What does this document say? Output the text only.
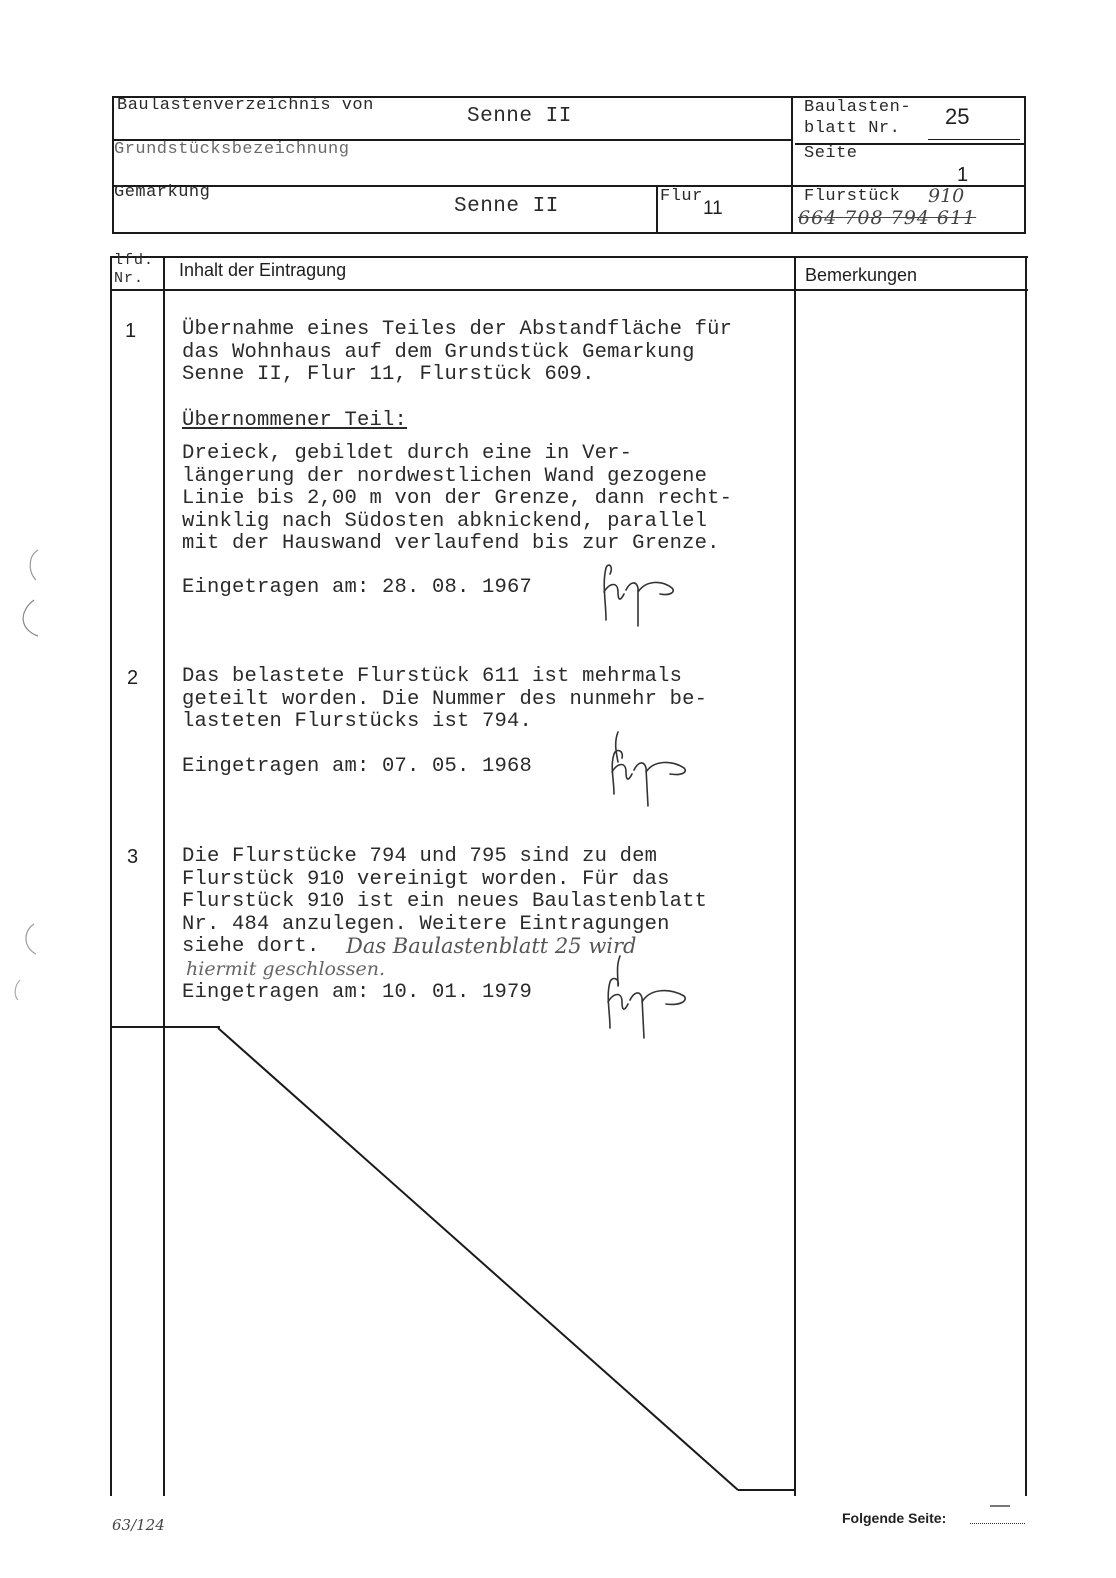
Baulastenverzeichnis von	Senne II	Baulasten-
blatt Nr. 25
Grundstücksbezeichnung	Seite
1
Gemarkung
Senne II	Flur
11
Flurstück 910
664 708 794 611
lfd.
Nr. Inhalt der Eintragung	Bemerkungen
1 Übernahme eines Teiles der Abstandfläche für
das Wohnhaus auf dem Grundstück Gemarkung
Senne II, Flur 11, Flurstück 609.
Übernommener Teil:
Dreieck, gebildet durch eine in Ver-
längerung der nordwestlichen Wand gezogene
Linie bis 2,00 m von der Grenze, dann recht-
winklig nach Südosten abknickend, parallel
mit der Hauswand verlaufend bis zur Grenze.
Eingetragen am: 28. 08. 1967
2 Das belastete Flurstück 611 ist mehrmals
geteilt worden. Die Nummer des nunmehr be-
lasteten Flurstücks ist 794.
Eingetragen am: 07. 05. 1968
3 Die Flurstücke 794 und 795 sind zu dem
Flurstück 910 vereinigt worden. Für das
Flurstück 910 ist ein neues Baulastenblatt
Nr. 484 anzulegen. Weitere Eintragungen
siehe dort.	Das Baulastenblatt 25 wird
hiermit geschlossen.
Eingetragen am: 10. 01. 1979
63/124	Folgende Seite:
